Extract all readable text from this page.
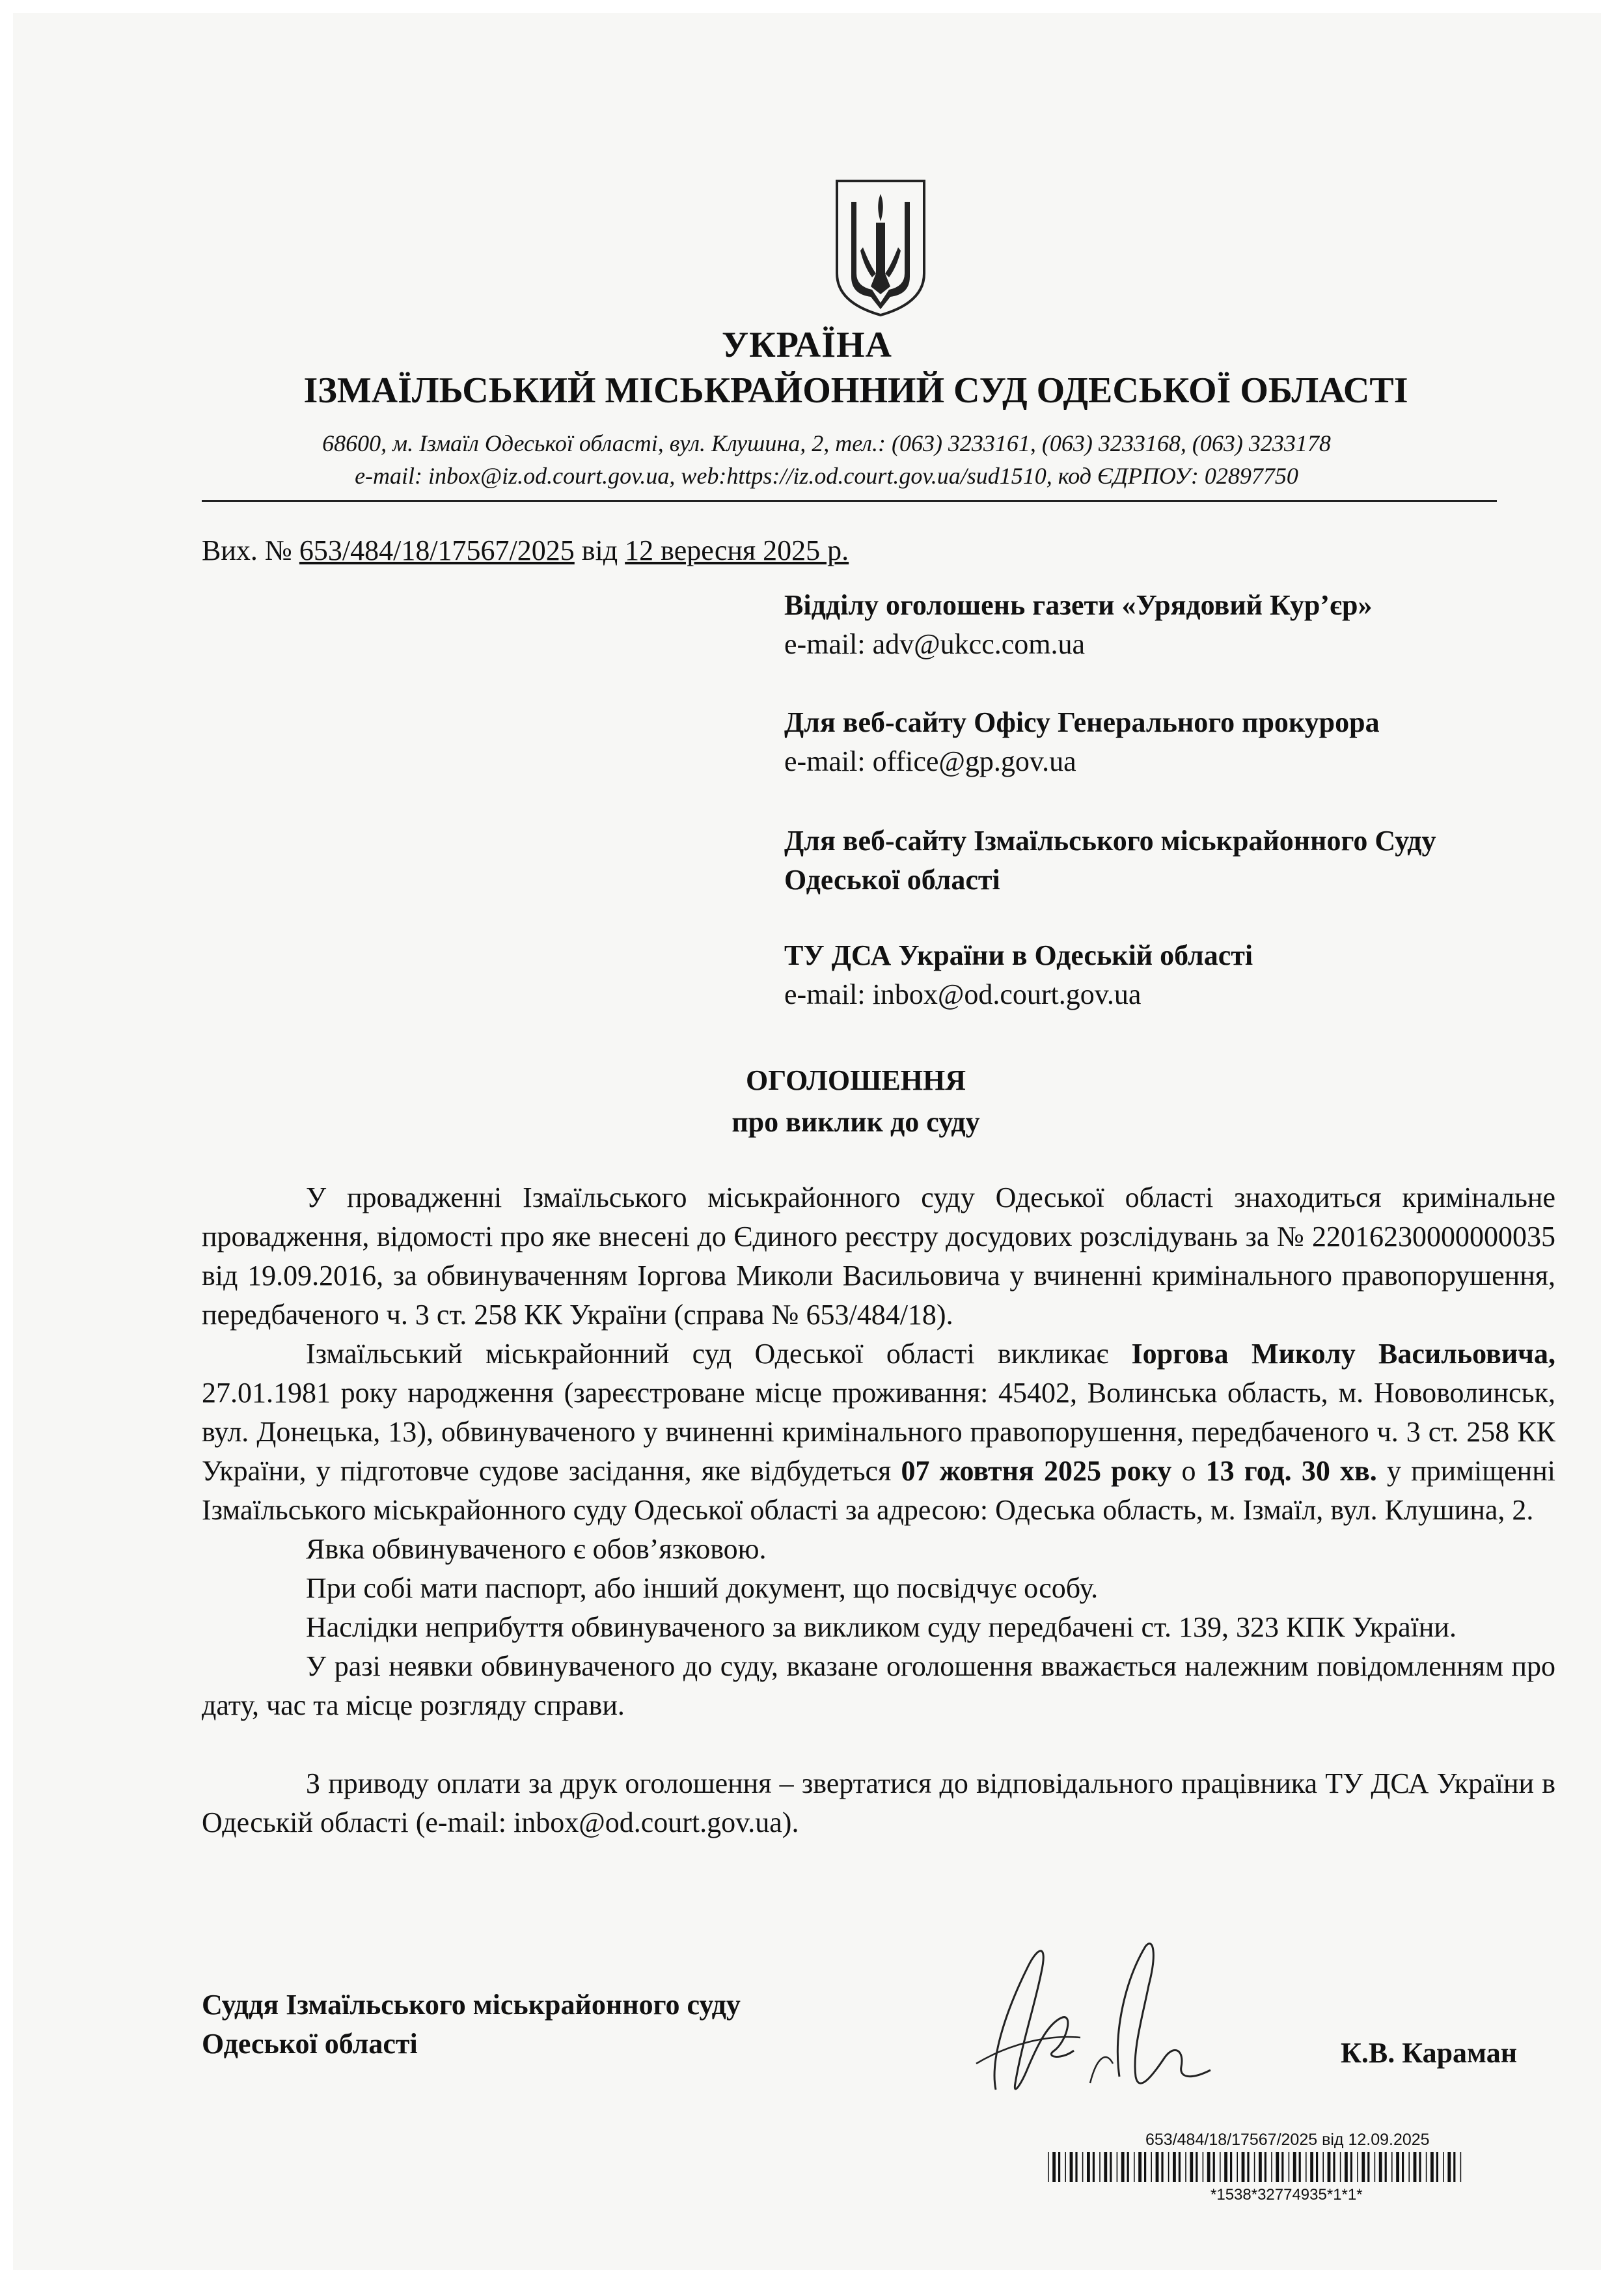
УКРАЇНА
ІЗМАЇЛЬСЬКИЙ МІСЬКРАЙОННИЙ СУД ОДЕСЬКОЇ ОБЛАСТІ
68600, м. Ізмаїл Одеської області, вул. Клушина, 2, тел.: (063) 3233161, (063) 3233168, (063) 3233178
e-mail: inbox@iz.od.court.gov.ua, web:https://iz.od.court.gov.ua/sud1510, код ЄДРПОУ: 02897750
Вих. № 653/484/18/17567/2025 від 12 вересня 2025 р.
Відділу оголошень газети «Урядовий Кур’єр»
e-mail: adv@ukcc.com.ua
Для веб-сайту Офісу Генерального прокурора
e-mail: office@gp.gov.ua
Для веб-сайту Ізмаїльського міськрайонного Суду Одеської області
ТУ ДСА України в Одеській області
e-mail: inbox@od.court.gov.ua
ОГОЛОШЕННЯ
про виклик до суду

У провадженні Ізмаїльського міськрайонного суду Одеської області знаходиться кримінальне провадження, відомості про яке внесені до Єдиного реєстру досудових розслідувань за № 22016230000000035 від 19.09.2016, за обвинуваченням Іоргова Миколи Васильовича у вчиненні кримінального правопорушення, передбаченого ч. 3 ст. 258 КК України (справа № 653/484/18).

Ізмаїльський міськрайонний суд Одеської області викликає Іоргова Миколу Васильовича, 27.01.1981 року народження (зареєстроване місце проживання: 45402, Волинська область, м. Нововолинськ, вул. Донецька, 13), обвинуваченого у вчиненні кримінального правопорушення, передбаченого ч. 3 ст. 258 КК України, у підготовче судове засідання, яке відбудеться 07 жовтня 2025 року о 13 год. 30 хв. у приміщенні Ізмаїльського міськрайонного суду Одеської області за адресою: Одеська область, м. Ізмаїл, вул. Клушина, 2.

Явка обвинуваченого є обов’язковою.

При собі мати паспорт, або інший документ, що посвідчує особу.

Наслідки неприбуття обвинуваченого за викликом суду передбачені ст. 139, 323 КПК України.

У разі неявки обвинуваченого до суду, вказане оголошення вважається належним повідомленням про дату, час та місце розгляду справи.

З приводу оплати за друк оголошення – звертатися до відповідального працівника ТУ ДСА України в Одеській області (e-mail: inbox@od.court.gov.ua).

Суддя Ізмаїльського міськрайонного суду
Одеської області	К.В. Караман
653/484/18/17567/2025 від 12.09.2025
*1538*32774935*1*1*
